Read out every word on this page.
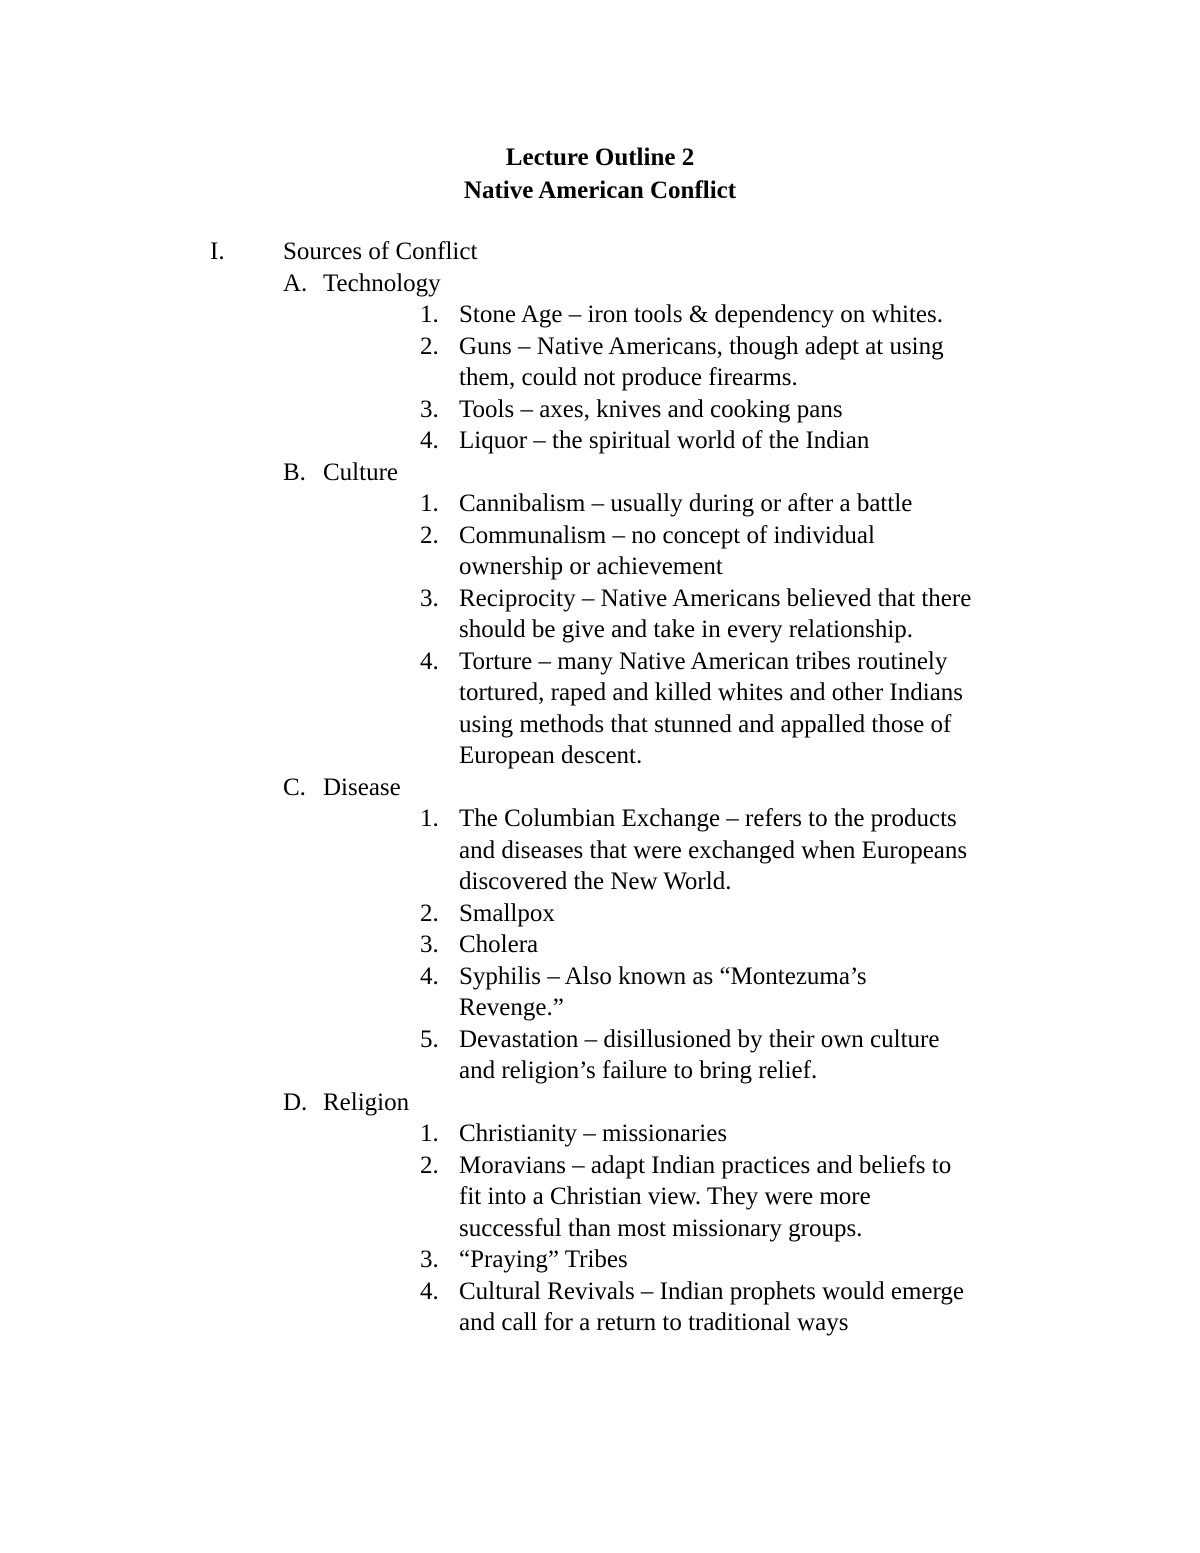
Lecture Outline 2
Native American Conflict
I. Sources of Conflict
A. Technology
1. Stone Age – iron tools & dependency on whites.
2. Guns – Native Americans, though adept at using
them, could not produce firearms.
3. Tools – axes, knives and cooking pans
4. Liquor – the spiritual world of the Indian
B. Culture
1. Cannibalism – usually during or after a battle
2. Communalism – no concept of individual
ownership or achievement
3. Reciprocity – Native Americans believed that there
should be give and take in every relationship.
4. Torture – many Native American tribes routinely
tortured, raped and killed whites and other Indians
using methods that stunned and appalled those of
European descent.
C. Disease
1. The Columbian Exchange – refers to the products
and diseases that were exchanged when Europeans
discovered the New World.
2. Smallpox
3. Cholera
4. Syphilis – Also known as “Montezuma’s
Revenge.”
5. Devastation – disillusioned by their own culture
and religion’s failure to bring relief.
D. Religion
1. Christianity – missionaries
2. Moravians – adapt Indian practices and beliefs to
fit into a Christian view. They were more
successful than most missionary groups.
3. “Praying” Tribes
4. Cultural Revivals – Indian prophets would emerge
and call for a return to traditional ways
